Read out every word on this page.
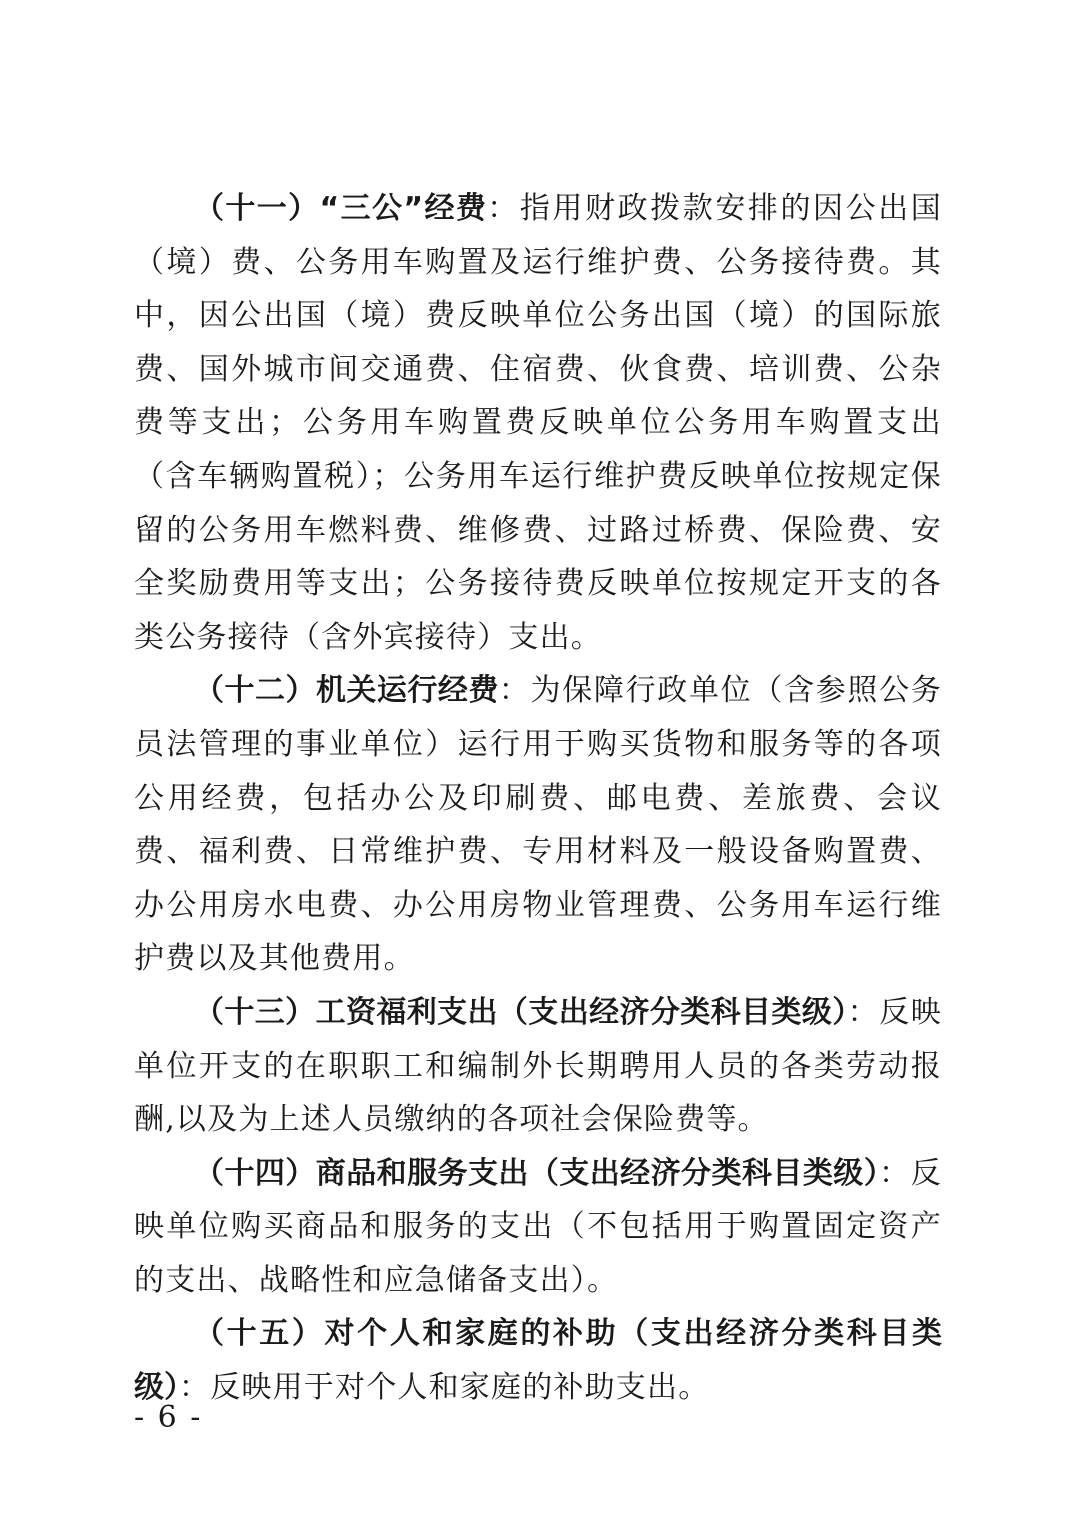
（十一）“三公”经费：指用财政拨款安排的因公出国（境）费、公务用车购置及运行维护费、公务接待费。其中，因公出国（境）费反映单位公务出国（境）的国际旅费、国外城市间交通费、住宿费、伙食费、培训费、公杂费等支出；公务用车购置费反映单位公务用车购置支出（含车辆购置税）；公务用车运行维护费反映单位按规定保留的公务用车燃料费、维修费、过路过桥费、保险费、安全奖励费用等支出；公务接待费反映单位按规定开支的各类公务接待（含外宾接待）支出。

（十二）机关运行经费：为保障行政单位（含参照公务员法管理的事业单位）运行用于购买货物和服务等的各项公用经费，包括办公及印刷费、邮电费、差旅费、会议费、福利费、日常维护费、专用材料及一般设备购置费、办公用房水电费、办公用房物业管理费、公务用车运行维护费以及其他费用。

（十三）工资福利支出（支出经济分类科目类级）：反映单位开支的在职职工和编制外长期聘用人员的各类劳动报酬,以及为上述人员缴纳的各项社会保险费等。

（十四）商品和服务支出（支出经济分类科目类级）：反映单位购买商品和服务的支出（不包括用于购置固定资产的支出、战略性和应急储备支出）。

（十五）对个人和家庭的补助（支出经济分类科目类级）：反映用于对个人和家庭的补助支出。

- 6 -
